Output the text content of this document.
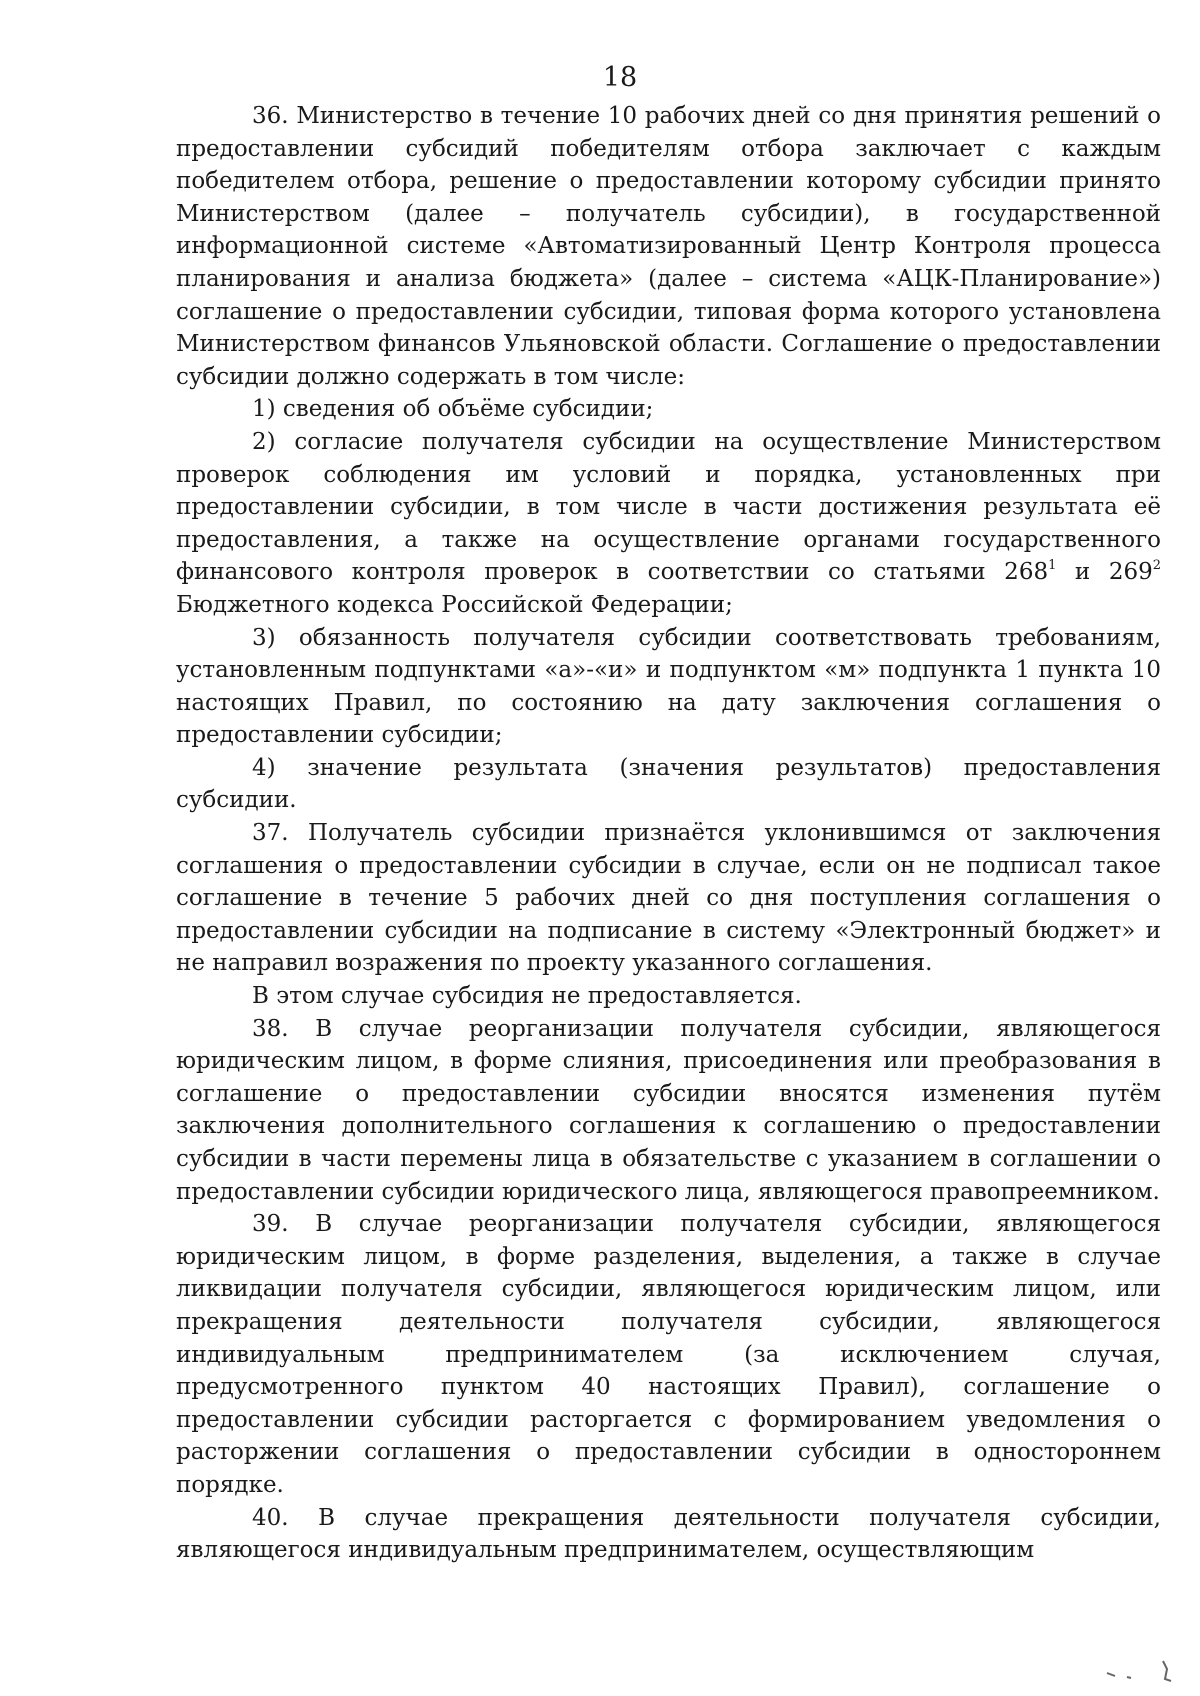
18

36. Министерство в течение 10 рабочих дней со дня принятия решений о предоставлении субсидий победителям отбора заключает с каждым победителем отбора, решение о предоставлении которому субсидии принято Министерством (далее – получатель субсидии), в государственной информационной системе «Автоматизированный Центр Контроля процесса планирования и анализа бюджета» (далее – система «АЦК-Планирование») соглашение о предоставлении субсидии, типовая форма которого установлена Министерством финансов Ульяновской области. Соглашение о предоставлении субсидии должно содержать в том числе:

1) сведения об объёме субсидии;

2) согласие получателя субсидии на осуществление Министерством проверок соблюдения им условий и порядка, установленных при предоставлении субсидии, в том числе в части достижения результата её предоставления, а также на осуществление органами государственного финансового контроля проверок в соответствии со статьями $268^1$ и $269^2$ Бюджетного кодекса Российской Федерации;

3) обязанность получателя субсидии соответствовать требованиям, установленным подпунктами «а»-«и» и подпунктом «м» подпункта 1 пункта 10 настоящих Правил, по состоянию на дату заключения соглашения о предоставлении субсидии;

4) значение результата (значения результатов) предоставления субсидии.

37. Получатель субсидии признаётся уклонившимся от заключения соглашения о предоставлении субсидии в случае, если он не подписал такое соглашение в течение 5 рабочих дней со дня поступления соглашения о предоставлении субсидии на подписание в систему «Электронный бюджет» и не направил возражения по проекту указанного соглашения.

В этом случае субсидия не предоставляется.

38. В случае реорганизации получателя субсидии, являющегося юридическим лицом, в форме слияния, присоединения или преобразования в соглашение о предоставлении субсидии вносятся изменения путём заключения дополнительного соглашения к соглашению о предоставлении субсидии в части перемены лица в обязательстве с указанием в соглашении о предоставлении субсидии юридического лица, являющегося правопреемником.

39. В случае реорганизации получателя субсидии, являющегося юридическим лицом, в форме разделения, выделения, а также в случае ликвидации получателя субсидии, являющегося юридическим лицом, или прекращения деятельности получателя субсидии, являющегося индивидуальным предпринимателем (за исключением случая, предусмотренного пунктом 40 настоящих Правил), соглашение о предоставлении субсидии расторгается с формированием уведомления о расторжении соглашения о предоставлении субсидии в одностороннем порядке.

40. В случае прекращения деятельности получателя субсидии, являющегося индивидуальным предпринимателем, осуществляющим
